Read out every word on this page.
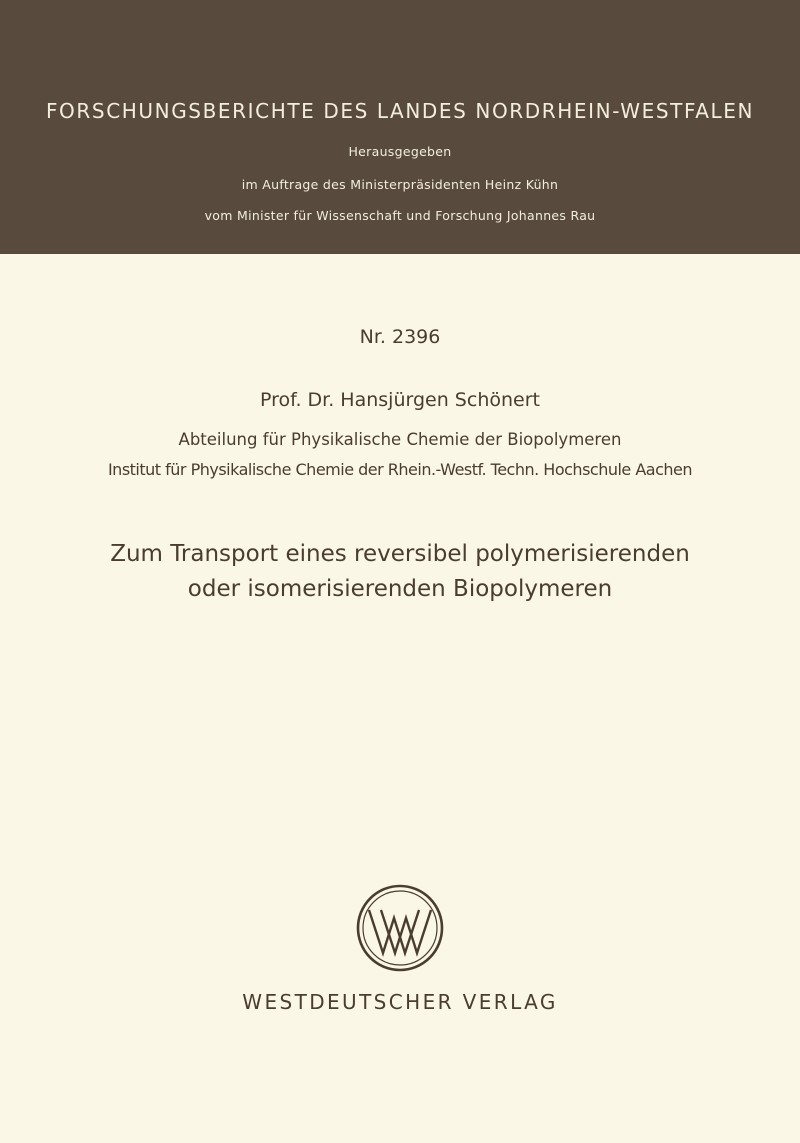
FORSCHUNGSBERICHTE DES LANDES NORDRHEIN-WESTFALEN
Herausgegeben
im Auftrage des Ministerpräsidenten Heinz Kühn
vom Minister für Wissenschaft und Forschung Johannes Rau
Nr. 2396
Prof. Dr. Hansjürgen Schönert
Abteilung für Physikalische Chemie der Biopolymeren
Institut für Physikalische Chemie der Rhein.-Westf. Techn. Hochschule Aachen
Zum Transport eines reversibel polymerisierenden
oder isomerisierenden Biopolymeren
WESTDEUTSCHER VERLAG
